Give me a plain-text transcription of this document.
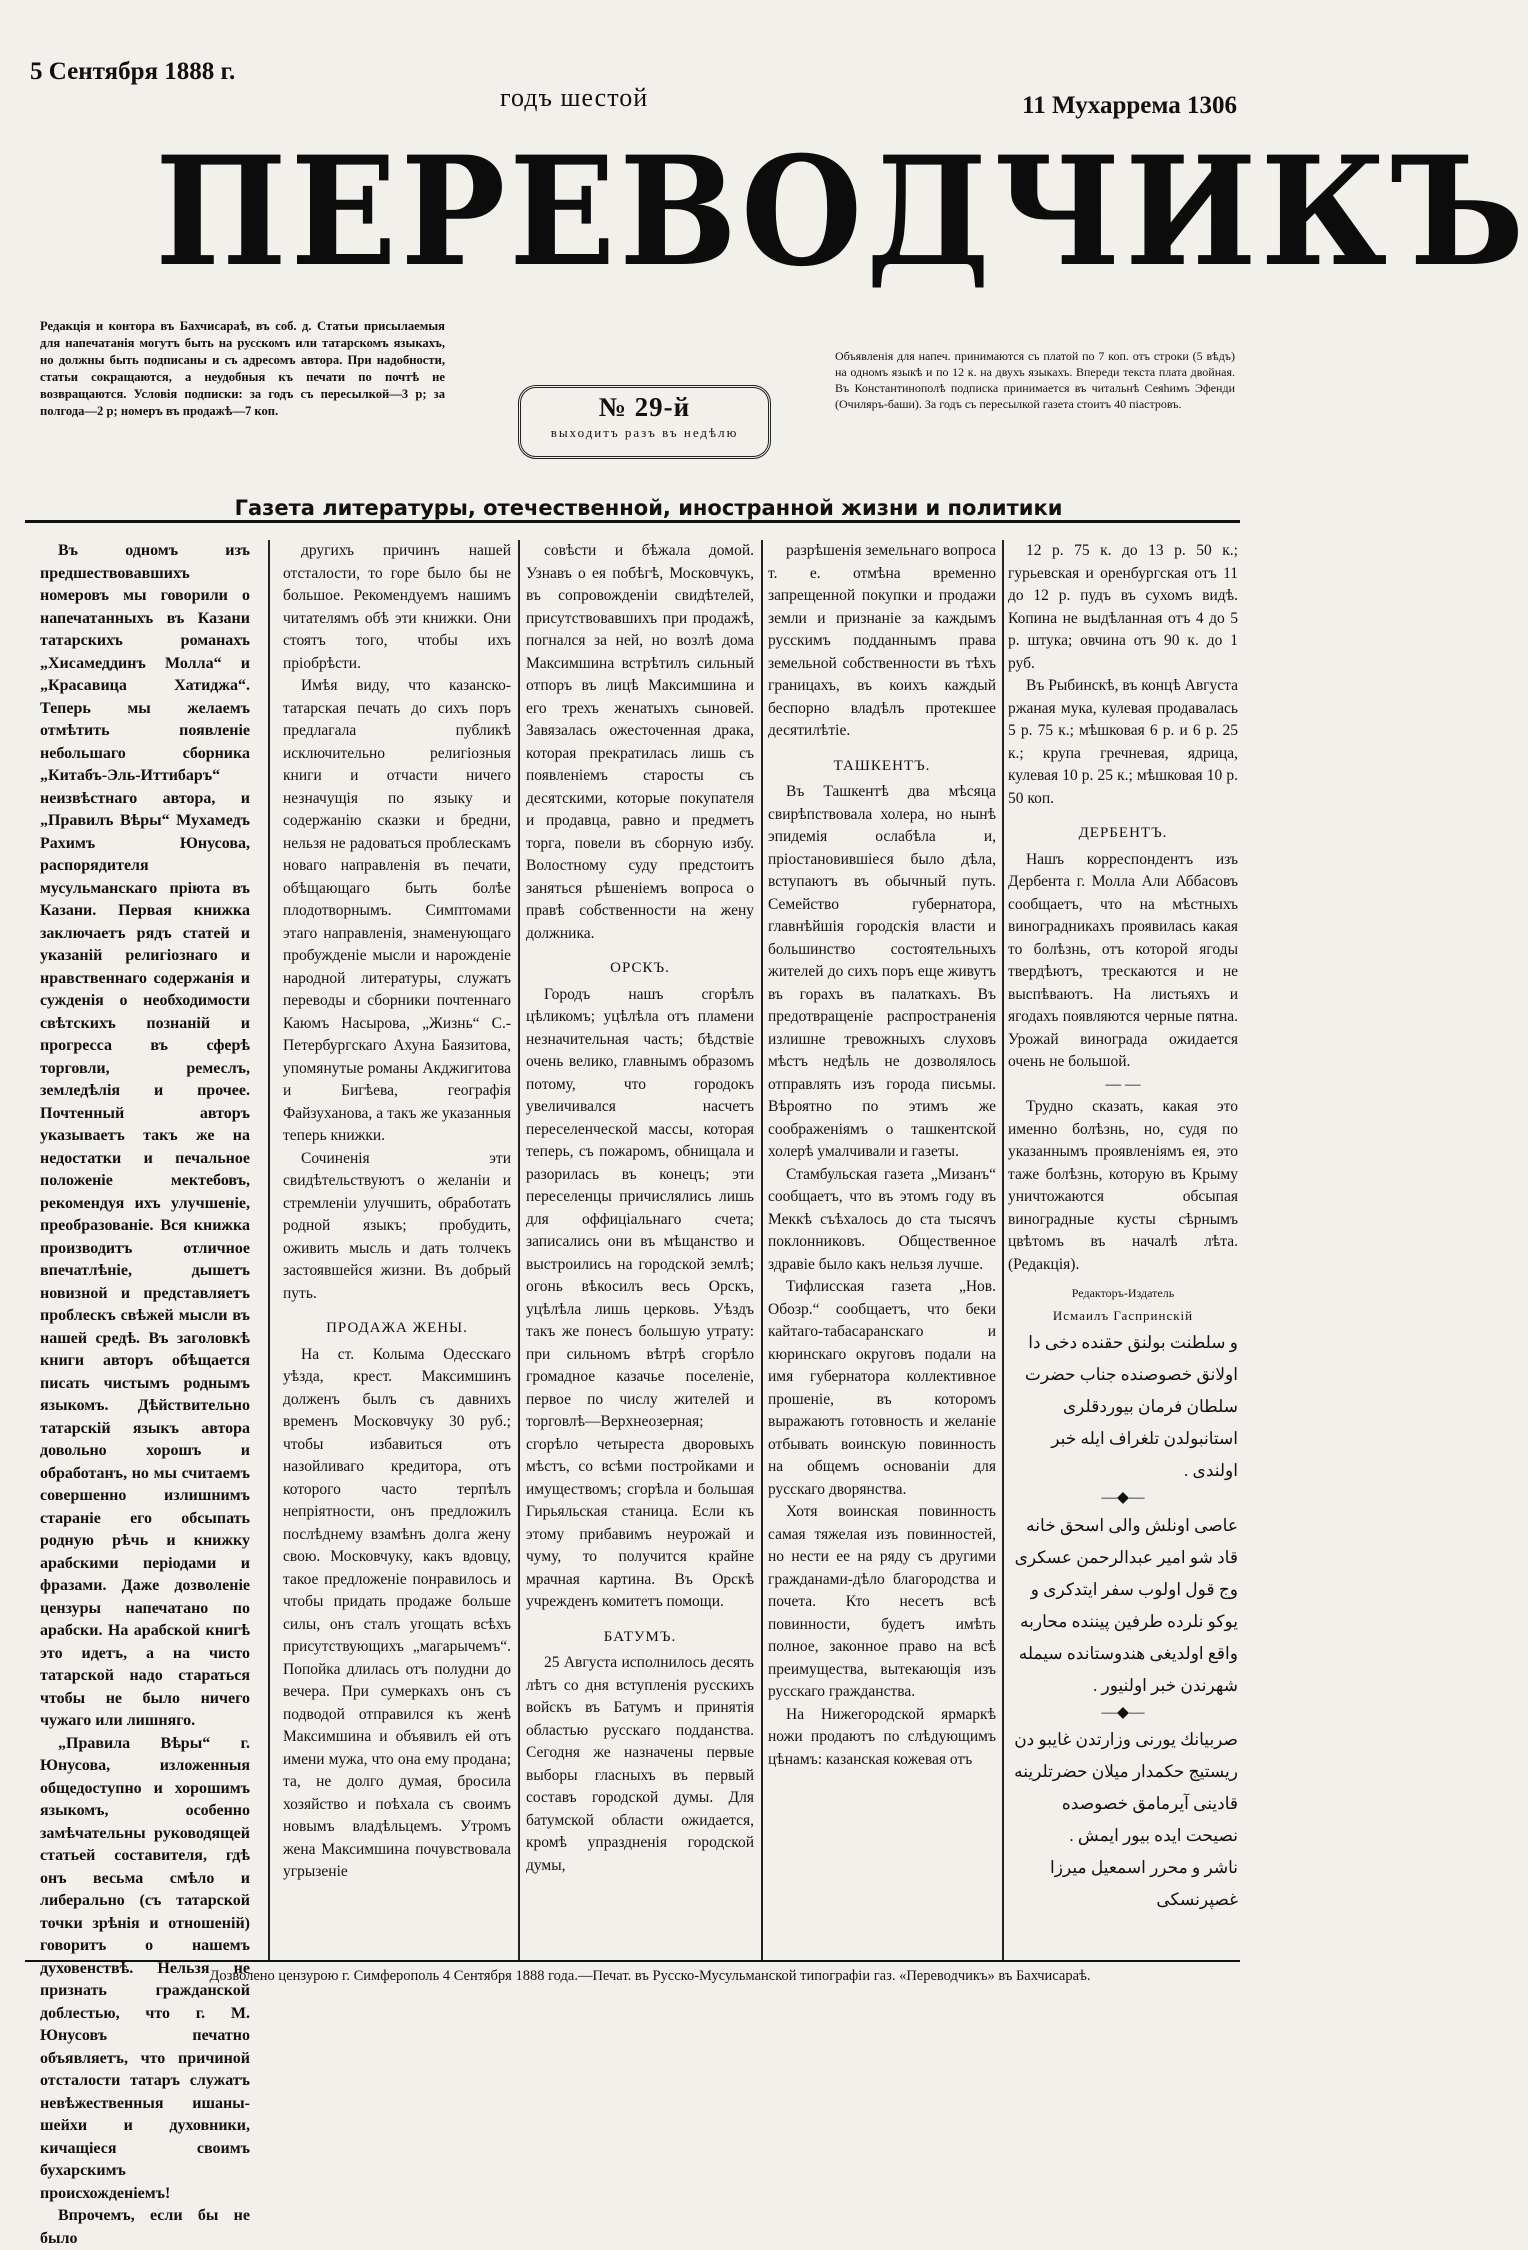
5 Сентября 1888 г.
годъ шестой	11 Мухаррема 1306
ПЕРЕВОДЧИКЪ
Редакція и контора въ Бахчисараѣ, въ соб. д. Статьи присылаемыя для напечатанія могутъ быть на русскомъ или татарскомъ языкахъ, но должны быть подписаны и съ адресомъ автора. При надобности, статьи сокращаются, а неудобныя къ печати по почтѣ не возвращаются. Условія подписки: за годъ съ пересылкой—3 р; за полгода—2 р; номеръ въ продажѣ—7 коп.	№ 29-й
выходитъ разъ въ недѣлю
Объявленія для напеч. принимаются съ платой по 7 коп. отъ строки (5 вѣдъ) на одномъ языкѣ и по 12 к. на двухъ языкахъ. Впереди текста плата двойная. Въ Константинополѣ подписка принимается въ читальнѣ Сеяhимъ Эфенди (Очиляръ-баши). За годъ съ пересылкой газета стоитъ 40 піастровъ.
Газета литературы, отечественной, иностранной жизни и политики

Въ одномъ изъ предшествовавшихъ номеровъ мы говорили о напечатанныхъ въ Казани татарскихъ романахъ „Хисамеддинъ Молла“ и „Красавица Хатиджа“. Теперь мы желаемъ отмѣтить появленіе небольшаго сборника „Китабъ-Эль-Иттибаръ“ неизвѣстнаго автора, и „Правилъ Вѣры“ Мухамедъ Рахимъ Юнусова, распорядителя мусульманскаго пріюта въ Казани. Первая книжка заключаетъ рядъ статей и указаній религіознаго и нравственнаго содержанія и сужденія о необходимости свѣтскихъ познаній и прогресса въ сферѣ торговли, ремеслъ, земледѣлія и прочее. Почтенный авторъ указываетъ такъ же на недостатки и печальное положеніе мектебовъ, рекомендуя ихъ улучшеніе, преобразованіе. Вся книжка производитъ отличное впечатлѣніе, дышетъ новизной и представляетъ проблескъ свѣжей мысли въ нашей средѣ. Въ заголовкѣ книги авторъ обѣщается писать чистымъ роднымъ языкомъ. Дѣйствительно татарскій языкъ автора довольно хорошъ и обработанъ, но мы считаемъ совершенно излишнимъ стараніе его обсыпать родную рѣчь и книжку арабскими періодами и фразами. Даже дозволеніе цензуры напечатано по арабски. На арабской книгѣ это идетъ, а на чисто татарской надо стараться чтобы не было ничего чужаго или лишняго.

„Правила Вѣры“ г. Юнусова, изложенныя общедоступно и хорошимъ языкомъ, особенно замѣчательны руководящей статьей составителя, гдѣ онъ весьма смѣло и либерально (съ татарской точки зрѣнія и отношеній) говоритъ о нашемъ духовенствѣ. Нельзя не признать гражданской доблестью, что г. М. Юнусовъ печатно объявляетъ, что причиной отсталости татаръ служатъ невѣжественныя ишаны-шейхи и духовники, кичащіеся своимъ бухарскимъ происхожденіемъ!

Впрочемъ, если бы не было

другихъ причинъ нашей отсталости, то горе было бы не большое. Рекомендуемъ нашимъ читателямъ обѣ эти книжки. Они стоятъ того, чтобы ихъ пріобрѣсти.

Имѣя виду, что казанско-татарская печать до сихъ поръ предлагала публикѣ исключительно религіозныя книги и отчасти ничего незначущія по языку и содержанію сказки и бредни, нельзя не радоваться проблескамъ новаго направленія въ печати, обѣщающаго быть болѣе плодотворнымъ. Симптомами этаго направленія, знаменующаго пробужденіе мысли и нарожденіе народной литературы, служатъ переводы и сборники почтеннаго Каюмъ Насырова, „Жизнь“ С.-Петербургскаго Ахуна Баязитова, упомянутые романы Акджигитова и Бигѣева, географія Файзуханова, а такъ же указанныя теперь книжки.

Сочиненія эти свидѣтельствуютъ о желаніи и стремленіи улучшить, обработать родной языкъ; пробудить, оживить мысль и дать толчекъ застоявшейся жизни. Въ добрый путь.

ПРОДАЖА ЖЕНЫ.

На ст. Колыма Одесскаго уѣзда, крест. Максимшинъ долженъ былъ съ давнихъ временъ Московчуку 30 руб.; чтобы избавиться отъ назойливаго кредитора, отъ которого часто терпѣлъ непріятности, онъ предложилъ послѣднему взамѣнъ долга жену свою. Московчуку, какъ вдовцу, такое предложеніе понравилось и чтобы придать продаже больше силы, онъ сталъ угощать всѣхъ присутствующихъ „магарычемъ“. Попойка длилась отъ полудни до вечера. При сумеркахъ онъ съ подводой отправился къ женѣ Максимшина и объявилъ ей отъ имени мужа, что она ему продана; та, не долго думая, бросила хозяйство и поѣхала съ своимъ новымъ владѣльцемъ. Утромъ жена Максимшина почувствовала угрызеніе

совѣсти и бѣжала домой. Узнавъ о ея побѣгѣ, Московчукъ, въ сопровожденіи свидѣтелей, присутствовавшихъ при продажѣ, погнался за ней, но возлѣ дома Максимшина встрѣтилъ сильный отпоръ въ лицѣ Максимшина и его трехъ женатыхъ сыновей. Завязалась ожесточенная драка, которая прекратилась лишь съ появленіемъ старосты съ десятскими, которые покупателя и продавца, равно и предметъ торга, повели въ сборную избу. Волостному суду предстоитъ заняться рѣшеніемъ вопроса о правѣ собственности на жену должника.

ОРСКЪ.

Городъ нашъ сгорѣлъ цѣликомъ; уцѣлѣла отъ пламени незначительная часть; бѣдствіе очень велико, главнымъ образомъ потому, что городокъ увеличивался насчетъ переселенческой массы, которая теперь, съ пожаромъ, обнищала и разорилась въ конецъ; эти переселенцы причислялись лишь для оффиціальнаго счета; записались они въ мѣщанство и выстроились на городской землѣ; огонь вѣкосилъ весь Орскъ, уцѣлѣла лишь церковь. Уѣздъ такъ же понесъ большую утрату: при сильномъ вѣтрѣ сгорѣло громадное казачье поселеніе, первое по числу жителей и торговлѣ—Верхнеозерная; сгорѣло четыреста дворовыхъ мѣстъ, со всѣми постройками и имуществомъ; сгорѣла и большая Гирьяльская станица. Если къ этому прибавимъ неурожай и чуму, то получится крайне мрачная картина. Въ Орскѣ учрежденъ комитетъ помощи.

БАТУМЪ.

25 Августа исполнилось десять лѣтъ со дня вступленія русскихъ войскъ въ Батумъ и принятія областью русскаго подданства. Сегодня же назначены первые выборы гласныхъ въ первый составъ городской думы. Для батумской области ожидается, кромѣ упраздненія городской думы,

разрѣшенія земельнаго вопроса т. е. отмѣна временно запрещенной покупки и продажи земли и признаніе за каждымъ русскимъ подданнымъ права земельной собственности въ тѣхъ границахъ, въ коихъ каждый беспорно владѣлъ протекшее десятилѣтіе.

ТАШКЕНТЪ.

Въ Ташкентѣ два мѣсяца свирѣпствовала холера, но нынѣ эпидемія ослабѣла и, пріостановившіеся было дѣла, вступаютъ въ обычный путь. Семейство губернатора, главнѣйшія городскія власти и большинство состоятельныхъ жителей до сихъ поръ еще живутъ въ горахъ въ палаткахъ. Въ предотвращеніе распространенія излишне тревожныхъ слуховъ мѣстъ недѣль не дозволялось отправлять изъ города письмы. Вѣроятно по этимъ же соображеніямъ о ташкентской холерѣ умалчивали и газеты.

Стамбульская газета „Мизанъ“ сообщаетъ, что въ этомъ году въ Меккѣ съѣхалось до ста тысячъ поклонниковъ. Общественное здравіе было какъ нельзя лучше.

Тифлисская газета „Нов. Обозр.“ сообщаетъ, что беки кайтаго-табасаранскаго и кюринскаго округовъ подали на имя губернатора коллективное прошеніе, въ которомъ выражаютъ готовность и желаніе отбывать воинскую повинность на общемъ основаніи для русскаго дворянства.

Хотя воинская повинность самая тяжелая изъ повинностей, но нести ее на ряду съ другими гражданами-дѣло благородства и почета. Кто несетъ всѣ повинности, будетъ имѣть полное, законное право на всѣ преимущества, вытекающія изъ русскаго гражданства.

На Нижегородской ярмаркѣ ножи продаютъ по слѣдующимъ цѣнамъ: казанская кожевая отъ

12 р. 75 к. до 13 р. 50 к.; гурьевская и оренбургская отъ 11 до 12 р. пудъ въ сухомъ видѣ. Копина не выдѣланная отъ 4 до 5 р. штука; овчина отъ 90 к. до 1 руб.

Въ Рыбинскѣ, въ концѣ Августа ржаная мука, кулевая продавалась 5 р. 75 к.; мѣшковая 6 р. и 6 р. 25 к.; крупа гречневая, ядрица, кулевая 10 р. 25 к.; мѣшковая 10 р. 50 коп.

ДЕРБЕНТЪ.

Нашъ корреспондентъ изъ Дербента г. Молла Али Аббасовъ сообщаетъ, что на мѣстныхъ виноградникахъ проявилась какая то болѣзнь, отъ которой ягоды твердѣютъ, трескаются и не выспѣваютъ. На листьяхъ и ягодахъ появляются черные пятна. Урожай винограда ожидается очень не большой.

— —

Трудно сказать, какая это именно болѣзнь, но, судя по указаннымъ проявленіямъ ея, это таже болѣзнь, которую въ Крыму уничтожаются обсыпая виноградные кусты сѣрнымъ цвѣтомъ въ началѣ лѣта. (Редакція).

Редакторъ-Издатель

Исмаилъ Гаспринскій

و سلطنت بولنق حقنده دخی دا اولانق خصوصنده جناب حضرت سلطان فرمان بیوردقلری استانبولدن تلغراف ایله خبر اولندی .

—◆—

عاصی اونلش والی اسحق خانه قاد شو امیر عبدالرحمن عسکری وج قول اولوب سفر ایتدکری و یوکو نلرده طرفین پیننده محاربه واقع اولدیغی هندوستانده سیمله شهرندن خبر اولنیور .

—◆—

صربیانك یورنی وزارتدن غایبو دن ریستیج حکمدار میلان حضرتلرینه قادینی آیرمامق خصوصده نصیحت ایده بیور ایمش .

ناشر و محرر اسمعیل میرزا غصپرنسکی

Дозволено цензурою г. Симферополь 4 Сентября 1888 года.—Печат. въ Русско-Мусульманской типографіи газ. «Переводчикъ» въ Бахчисараѣ.
